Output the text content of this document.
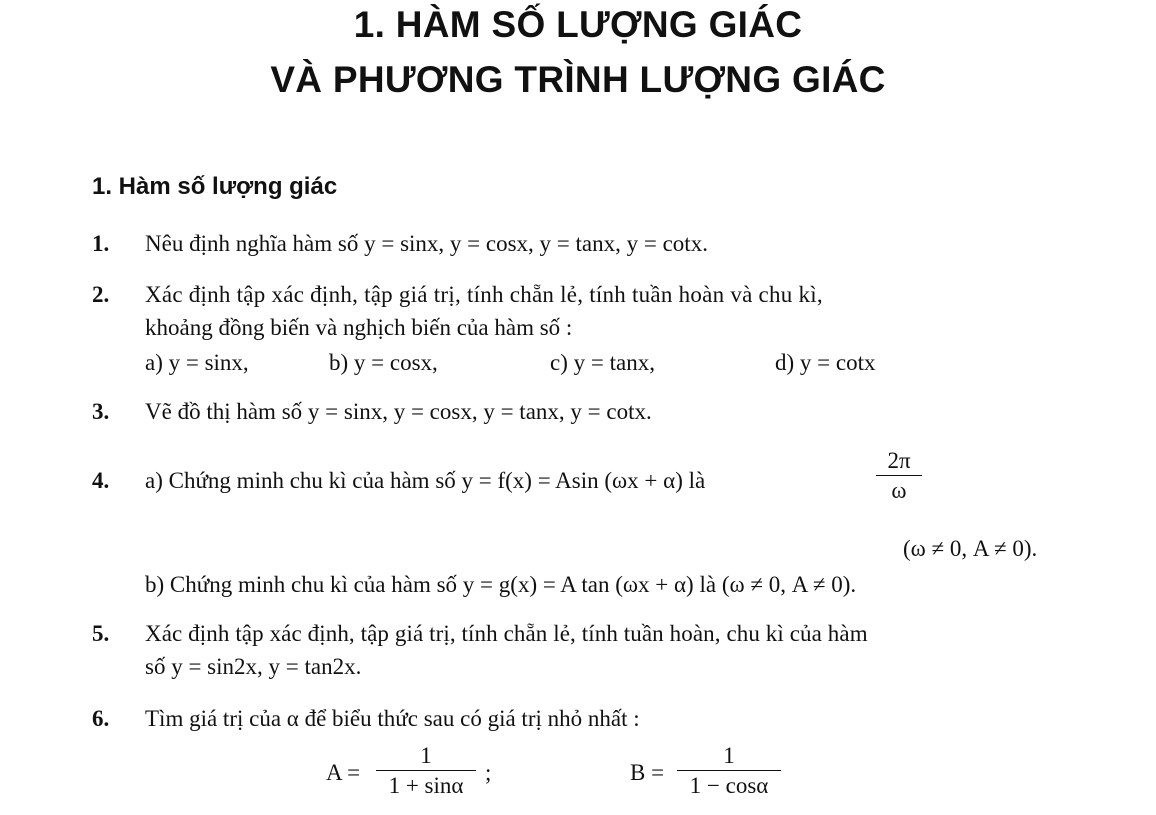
1. HÀM SỐ LƯỢNG GIÁC
VÀ PHƯƠNG TRÌNH LƯỢNG GIÁC
1. Hàm số lượng giác
1. Nêu định nghĩa hàm số y = sinx, y = cosx, y = tanx, y = cotx.
2. Xác định tập xác định, tập giá trị, tính chẵn lẻ, tính tuần hoàn và chu kì,
khoảng đồng biến và nghịch biến của hàm số :
a) y = sinx,	b) y = cosx,	c) y = tanx,	d) y = cotx
3. Vẽ đồ thị hàm số y = sinx, y = cosx, y = tanx, y = cotx.
4. a) Chứng minh chu kì của hàm số y = f(x) = Asin (ωx + α) là
2π
ω
(ω ≠ 0, A ≠ 0).
b) Chứng minh chu kì của hàm số y = g(x) = A tan (ωx + α) là (ω ≠ 0, A ≠ 0).
5. Xác định tập xác định, tập giá trị, tính chẵn lẻ, tính tuần hoàn, chu kì của hàm
số y = sin2x, y = tan2x.
6. Tìm giá trị của α để biểu thức sau có giá trị nhỏ nhất :
A =
1
1 + sinα
;	B =
1
1 − cosα
